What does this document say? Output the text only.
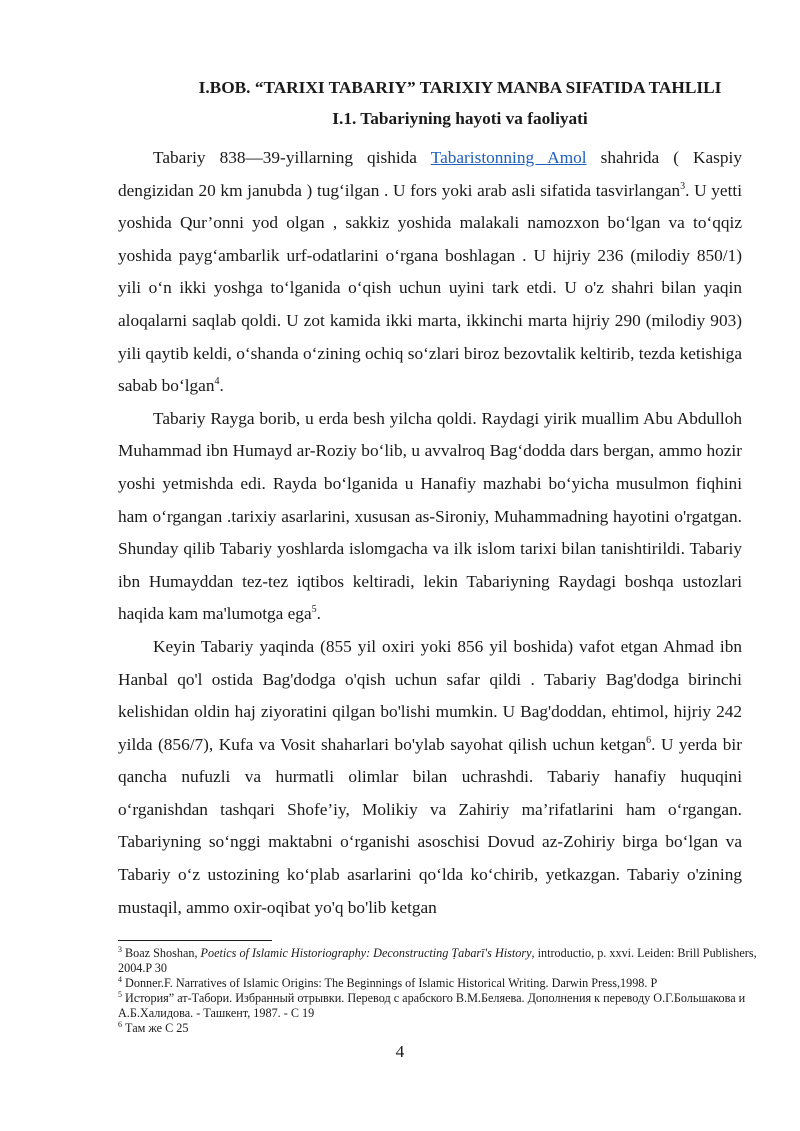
I.BOB. “TARIXI TABARIY” TARIXIY MANBA SIFATIDA TAHLILI
I.1. Tabariyning hayoti va faoliyati

Tabariy 838—39-yillarning qishida Tabaristonning Amol shahrida ( Kaspiy dengizidan 20 km janubda ) tug‘ilgan . U fors yoki arab asli sifatida tasvirlangan$^3$. U yetti yoshida Qur’onni yod olgan , sakkiz yoshida malakali namozxon bo‘lgan va to‘qqiz yoshida payg‘ambarlik urf-odatlarini o‘rgana boshlagan . U hijriy 236 (milodiy 850/1) yili o‘n ikki yoshga to‘lganida o‘qish uchun uyini tark etdi. U o'z shahri bilan yaqin aloqalarni saqlab qoldi. U zot kamida ikki marta, ikkinchi marta hijriy 290 (milodiy 903) yili qaytib keldi, o‘shanda o‘zining ochiq so‘zlari biroz bezovtalik keltirib, tezda ketishiga sabab bo‘lgan$^4$.

Tabariy Rayga borib, u erda besh yilcha qoldi. Raydagi yirik muallim Abu Abdulloh Muhammad ibn Humayd ar-Roziy bo‘lib, u avvalroq Bag‘dodda dars bergan, ammo hozir yoshi yetmishda edi. Rayda bo‘lganida u Hanafiy mazhabi bo‘yicha musulmon fiqhini ham o‘rgangan .tarixiy asarlarini, xususan as-Sironiy, Muhammadning hayotini o'rgatgan. Shunday qilib Tabariy yoshlarda islomgacha va ilk islom tarixi bilan tanishtirildi. Tabariy ibn Humayddan tez-tez iqtibos keltiradi, lekin Tabariyning Raydagi boshqa ustozlari haqida kam ma'lumotga ega$^5$.

Keyin Tabariy yaqinda (855 yil oxiri yoki 856 yil boshida) vafot etgan Ahmad ibn Hanbal qo'l ostida Bag'dodga o'qish uchun safar qildi . Tabariy Bag'dodga birinchi kelishidan oldin haj ziyoratini qilgan bo'lishi mumkin. U Bag'doddan, ehtimol, hijriy 242 yilda (856/7), Kufa va Vosit shaharlari bo'ylab sayohat qilish uchun ketgan$^6$. U yerda bir qancha nufuzli va hurmatli olimlar bilan uchrashdi. Tabariy hanafiy huquqini o‘rganishdan tashqari Shofe’iy, Molikiy va Zahiriy ma’rifatlarini ham o‘rgangan. Tabariyning so‘nggi maktabni o‘rganishi asoschisi Dovud az-Zohiriy birga bo‘lgan va Tabariy o‘z ustozining ko‘plab asarlarini qo‘lda ko‘chirib, yetkazgan. Tabariy o'zining mustaqil, ammo oxir-oqibat yo'q bo'lib ketgan

$^3$ Boaz Shoshan, Poetics of Islamic Historiography: Deconstructing Ṭabarī's History, introductio, p. xxvi. Leiden: Brill Publishers, 2004.P 30

$^4$ Donner.F. Narratives of Islamic Origins: The Beginnings of Islamic Historical Writing. Darwin Press,1998. P

$^5$ История” ат-Табори. Избранный отрывки. Перевод с арабского В.М.Беляева. Дополнения к переводу О.Г.Большакова и А.Б.Халидова. - Ташкент, 1987. - С 19

$^6$ Там же С 25

4
